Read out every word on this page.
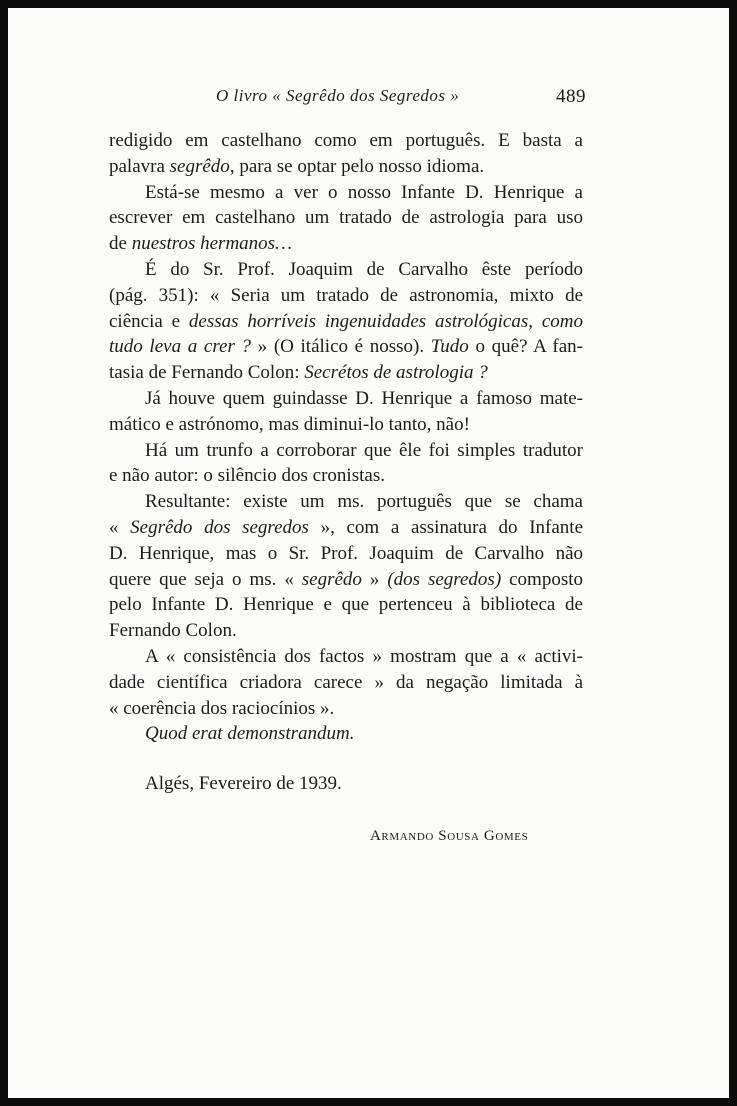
O livro « Segrêdo dos Segredos »	489

redigido em castelhano como em português. E basta a

palavra segrêdo, para se optar pelo nosso idioma.

Está-se mesmo a ver o nosso Infante D. Henrique a

escrever em castelhano um tratado de astrologia para uso

de nuestros hermanos…

É do Sr. Prof. Joaquim de Carvalho êste período

(pág. 351): « Seria um tratado de astronomia, mixto de

ciência e dessas horríveis ingenuidades astrológicas, como

tudo leva a crer ? » (O itálico é nosso). Tudo o quê? A fan-

tasia de Fernando Colon: Secrétos de astrologia ?

Já houve quem guindasse D. Henrique a famoso mate-

mático e astrónomo, mas diminui-lo tanto, não!

Há um trunfo a corroborar que êle foi simples tradutor

e não autor: o silêncio dos cronistas.

Resultante: existe um ms. português que se chama

« Segrêdo dos segredos », com a assinatura do Infante

D. Henrique, mas o Sr. Prof. Joaquim de Carvalho não

quere que seja o ms. « segrêdo » (dos segredos) composto

pelo Infante D. Henrique e que pertenceu à biblioteca de

Fernando Colon.

A « consistência dos factos » mostram que a « activi-

dade científica criadora carece » da negação limitada à

« coerência dos raciocínios ».

Quod erat demonstrandum.

Algés, Fevereiro de 1939.
Armando Sousa Gomes
